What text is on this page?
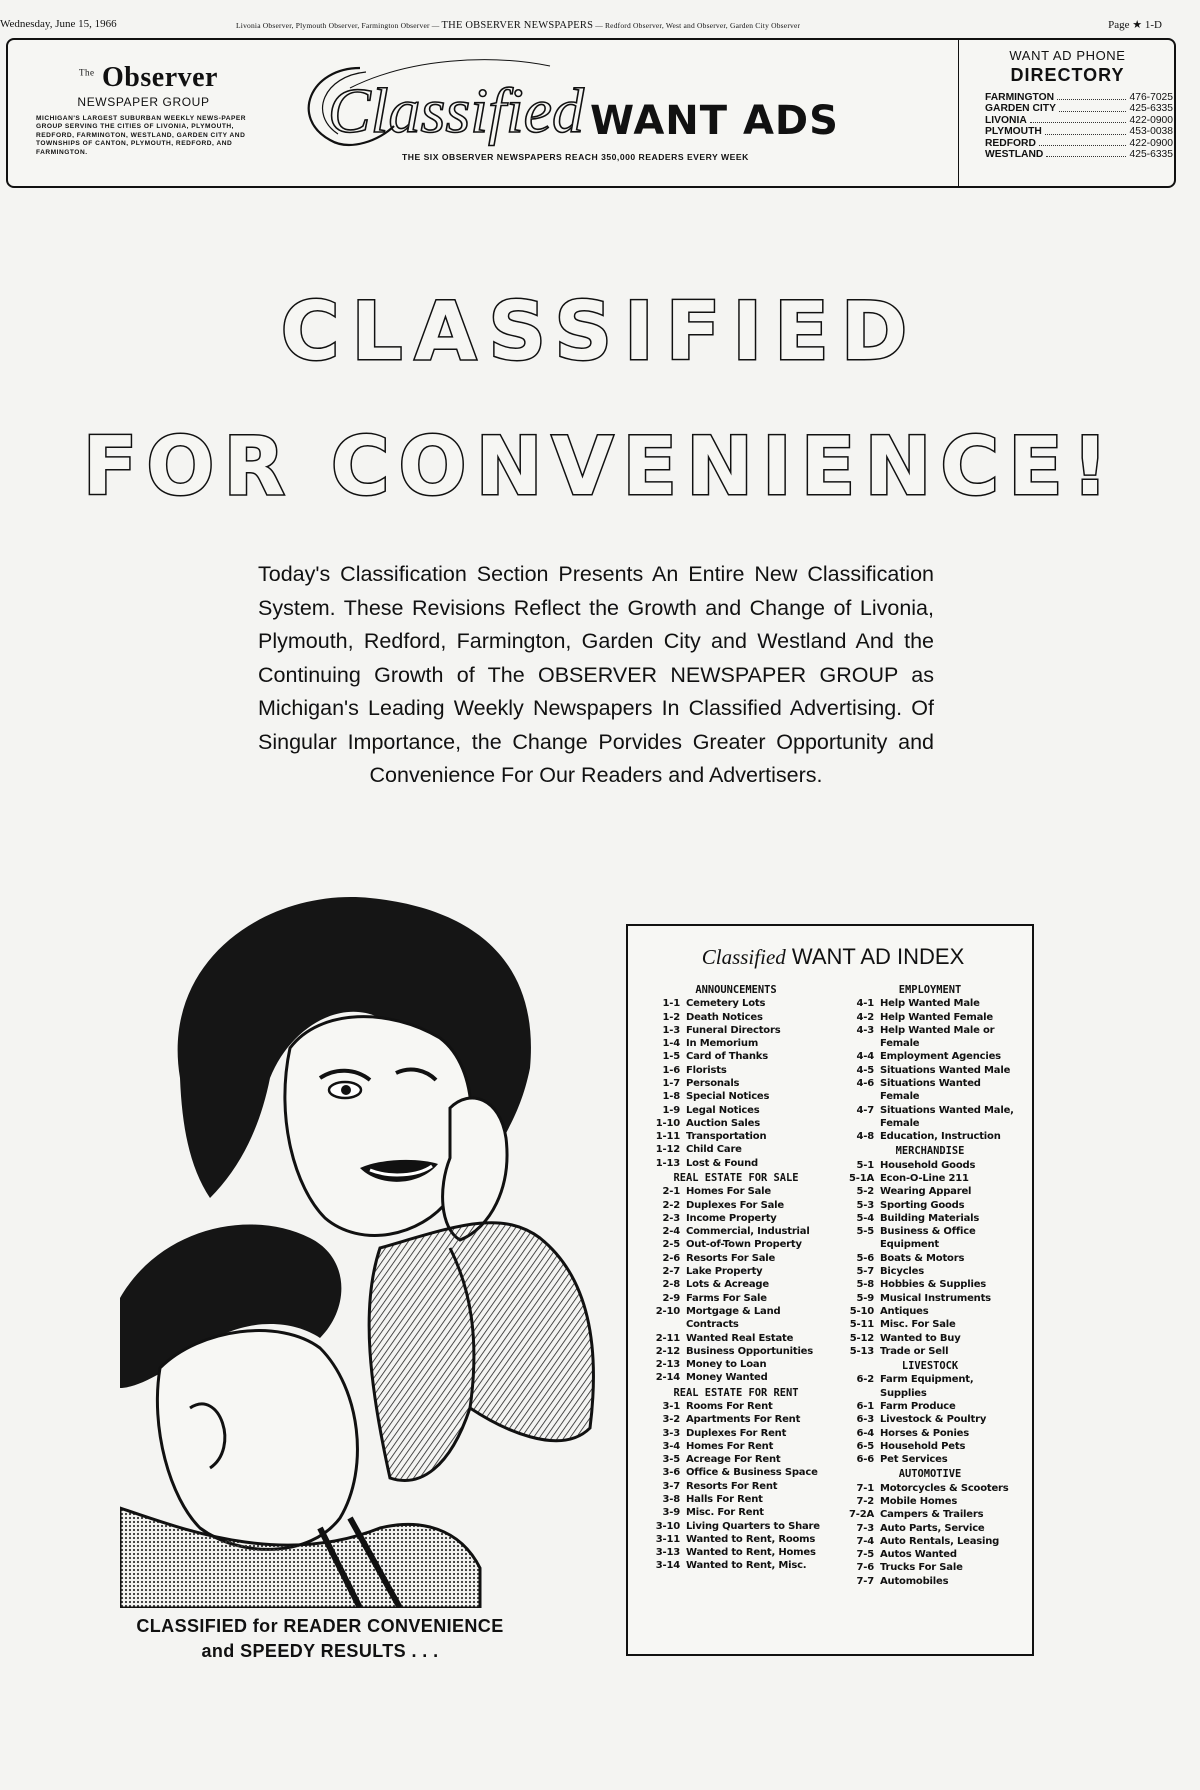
Wednesday, June 15, 1966	Livonia Observer, Plymouth Observer, Farmington Observer — THE OBSERVER NEWSPAPERS — Redford Observer, West and Observer, Garden City Observer	Page ★ 1-D
$^{The}$ Observer
NEWSPAPER GROUP
MICHIGAN'S LARGEST SUBURBAN WEEKLY NEWS-PAPER GROUP SERVING THE CITIES OF LIVONIA, PLYMOUTH, REDFORD, FARMINGTON, WESTLAND, GARDEN CITY AND TOWNSHIPS OF CANTON, PLYMOUTH, REDFORD, AND FARMINGTON.
Classified WANT ADS
THE SIX OBSERVER NEWSPAPERS REACH 350,000 READERS EVERY WEEK
WANT AD PHONE
DIRECTORY
FARMINGTON	476-7025
GARDEN CITY	425-6335
LIVONIA	422-0900
PLYMOUTH	453-0038
REDFORD	422-0900
WESTLAND	425-6335
CLASSIFIED
FOR CONVENIENCE!

Today's Classification Section Presents An Entire New Classification System. These Revisions Reflect the Growth and Change of Livonia, Plymouth, Redford, Farmington, Garden City and Westland And the Continuing Growth of The OBSERVER NEWSPAPER GROUP as Michigan's Leading Weekly Newspapers In Classified Advertising. Of Singular Importance, the Change Porvides Greater Opportunity and Convenience For Our Readers and Advertisers.

CLASSIFIED for READER CONVENIENCE
and SPEEDY RESULTS . . .
Classified WANT AD INDEX
ANNOUNCEMENTS
1-1 Cemetery Lots
1-2 Death Notices
1-3 Funeral Directors
1-4 In Memorium
1-5 Card of Thanks
1-6 Florists
1-7 Personals
1-8 Special Notices
1-9 Legal Notices
1-10 Auction Sales
1-11 Transportation
1-12 Child Care
1-13 Lost & Found
REAL ESTATE FOR SALE
2-1 Homes For Sale
2-2 Duplexes For Sale
2-3 Income Property
2-4 Commercial, Industrial
2-5 Out-of-Town Property
2-6 Resorts For Sale
2-7 Lake Property
2-8 Lots & Acreage
2-9 Farms For Sale
2-10 Mortgage & Land Contracts
2-11 Wanted Real Estate
2-12 Business Opportunities
2-13 Money to Loan
2-14 Money Wanted
REAL ESTATE FOR RENT
3-1 Rooms For Rent
3-2 Apartments For Rent
3-3 Duplexes For Rent
3-4 Homes For Rent
3-5 Acreage For Rent
3-6 Office & Business Space
3-7 Resorts For Rent
3-8 Halls For Rent
3-9 Misc. For Rent
3-10 Living Quarters to Share
3-11 Wanted to Rent, Rooms
3-13 Wanted to Rent, Homes
3-14 Wanted to Rent, Misc.
EMPLOYMENT
4-1 Help Wanted Male
4-2 Help Wanted Female
4-3 Help Wanted Male or Female
4-4 Employment Agencies
4-5 Situations Wanted Male
4-6 Situations Wanted Female
4-7 Situations Wanted Male, Female
4-8 Education, Instruction
MERCHANDISE
5-1 Household Goods
5-1A Econ-O-Line 211
5-2 Wearing Apparel
5-3 Sporting Goods
5-4 Building Materials
5-5 Business & Office Equipment
5-6 Boats & Motors
5-7 Bicycles
5-8 Hobbies & Supplies
5-9 Musical Instruments
5-10 Antiques
5-11 Misc. For Sale
5-12 Wanted to Buy
5-13 Trade or Sell
LIVESTOCK
6-2 Farm Equipment, Supplies
6-1 Farm Produce
6-3 Livestock & Poultry
6-4 Horses & Ponies
6-5 Household Pets
6-6 Pet Services
AUTOMOTIVE
7-1 Motorcycles & Scooters
7-2 Mobile Homes
7-2A Campers & Trailers
7-3 Auto Parts, Service
7-4 Auto Rentals, Leasing
7-5 Autos Wanted
7-6 Trucks For Sale
7-7 Automobiles
